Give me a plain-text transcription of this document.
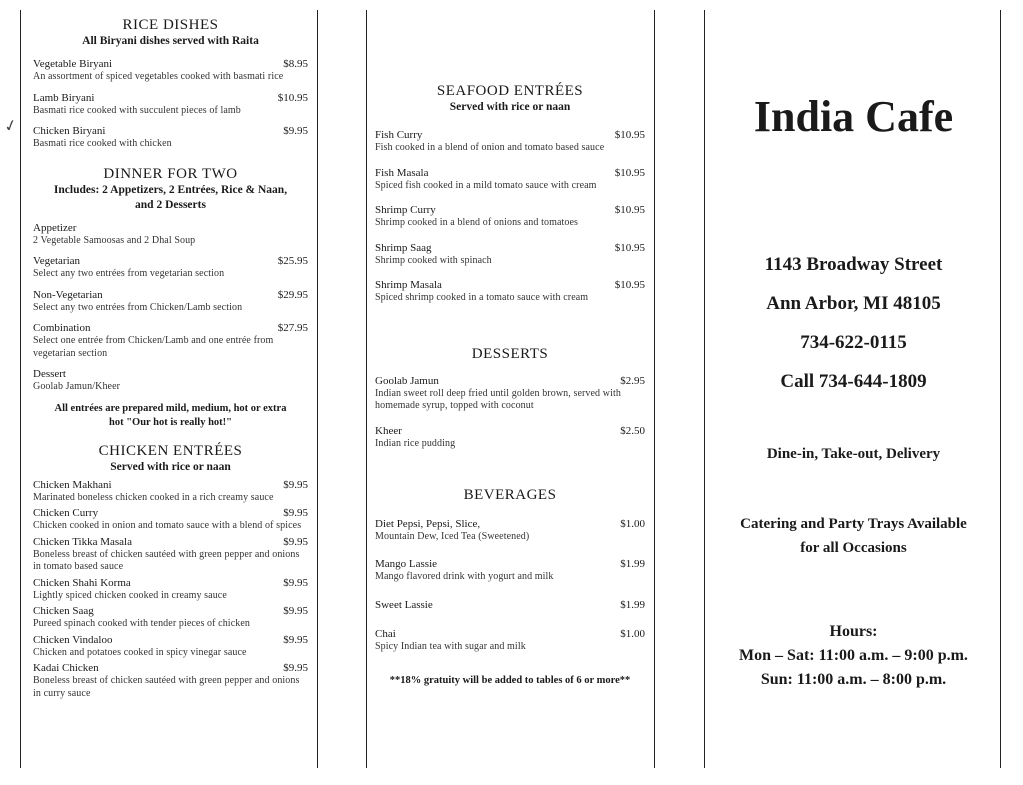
✓
RICE DISHES
All Biryani dishes served with Raita
Vegetable Biryani	$8.95
An assortment of spiced vegetables cooked with basmati rice
Lamb Biryani	$10.95
Basmati rice cooked with succulent pieces of lamb
Chicken Biryani	$9.95
Basmati rice cooked with chicken
DINNER FOR TWO
Includes: 2 Appetizers, 2 Entrées, Rice & Naan, and 2 Desserts
Appetizer
2 Vegetable Samoosas and 2 Dhal Soup
Vegetarian	$25.95
Select any two entrées from vegetarian section
Non-Vegetarian	$29.95
Select any two entrées from Chicken/Lamb section
Combination	$27.95
Select one entrée from Chicken/Lamb and one entrée from vegetarian section
Dessert
Goolab Jamun/Kheer
All entrées are prepared mild, medium, hot or extra hot "Our hot is really hot!"
CHICKEN ENTRÉES
Served with rice or naan
Chicken Makhani	$9.95
Marinated boneless chicken cooked in a rich creamy sauce
Chicken Curry	$9.95
Chicken cooked in onion and tomato sauce with a blend of spices
Chicken Tikka Masala	$9.95
Boneless breast of chicken sautéed with green pepper and onions in tomato based sauce
Chicken Shahi Korma	$9.95
Lightly spiced chicken cooked in creamy sauce
Chicken Saag	$9.95
Pureed spinach cooked with tender pieces of chicken
Chicken Vindaloo	$9.95
Chicken and potatoes cooked in spicy vinegar sauce
Kadai Chicken	$9.95
Boneless breast of chicken sautéed with green pepper and onions in curry sauce
SEAFOOD ENTRÉES
Served with rice or naan
Fish Curry	$10.95
Fish cooked in a blend of onion and tomato based sauce
Fish Masala	$10.95
Spiced fish cooked in a mild tomato sauce with cream
Shrimp Curry	$10.95
Shrimp cooked in a blend of onions and tomatoes
Shrimp Saag	$10.95
Shrimp cooked with spinach
Shrimp Masala	$10.95
Spiced shrimp cooked in a tomato sauce with cream
DESSERTS
Goolab Jamun	$2.95
Indian sweet roll deep fried until golden brown, served with homemade syrup, topped with coconut
Kheer	$2.50
Indian rice pudding
BEVERAGES
Diet Pepsi, Pepsi, Slice,	$1.00
Mountain Dew, Iced Tea (Sweetened)
Mango Lassie	$1.99
Mango flavored drink with yogurt and milk
Sweet Lassie	$1.99
Chai	$1.00
Spicy Indian tea with sugar and milk
**18% gratuity will be added to tables of 6 or more**
India Cafe
1143 Broadway Street
Ann Arbor, MI 48105
734-622-0115
Call 734-644-1809
Dine-in, Take-out, Delivery
Catering and Party Trays Available
for all Occasions
Hours:
Mon – Sat: 11:00 a.m. – 9:00 p.m.
Sun: 11:00 a.m. – 8:00 p.m.
